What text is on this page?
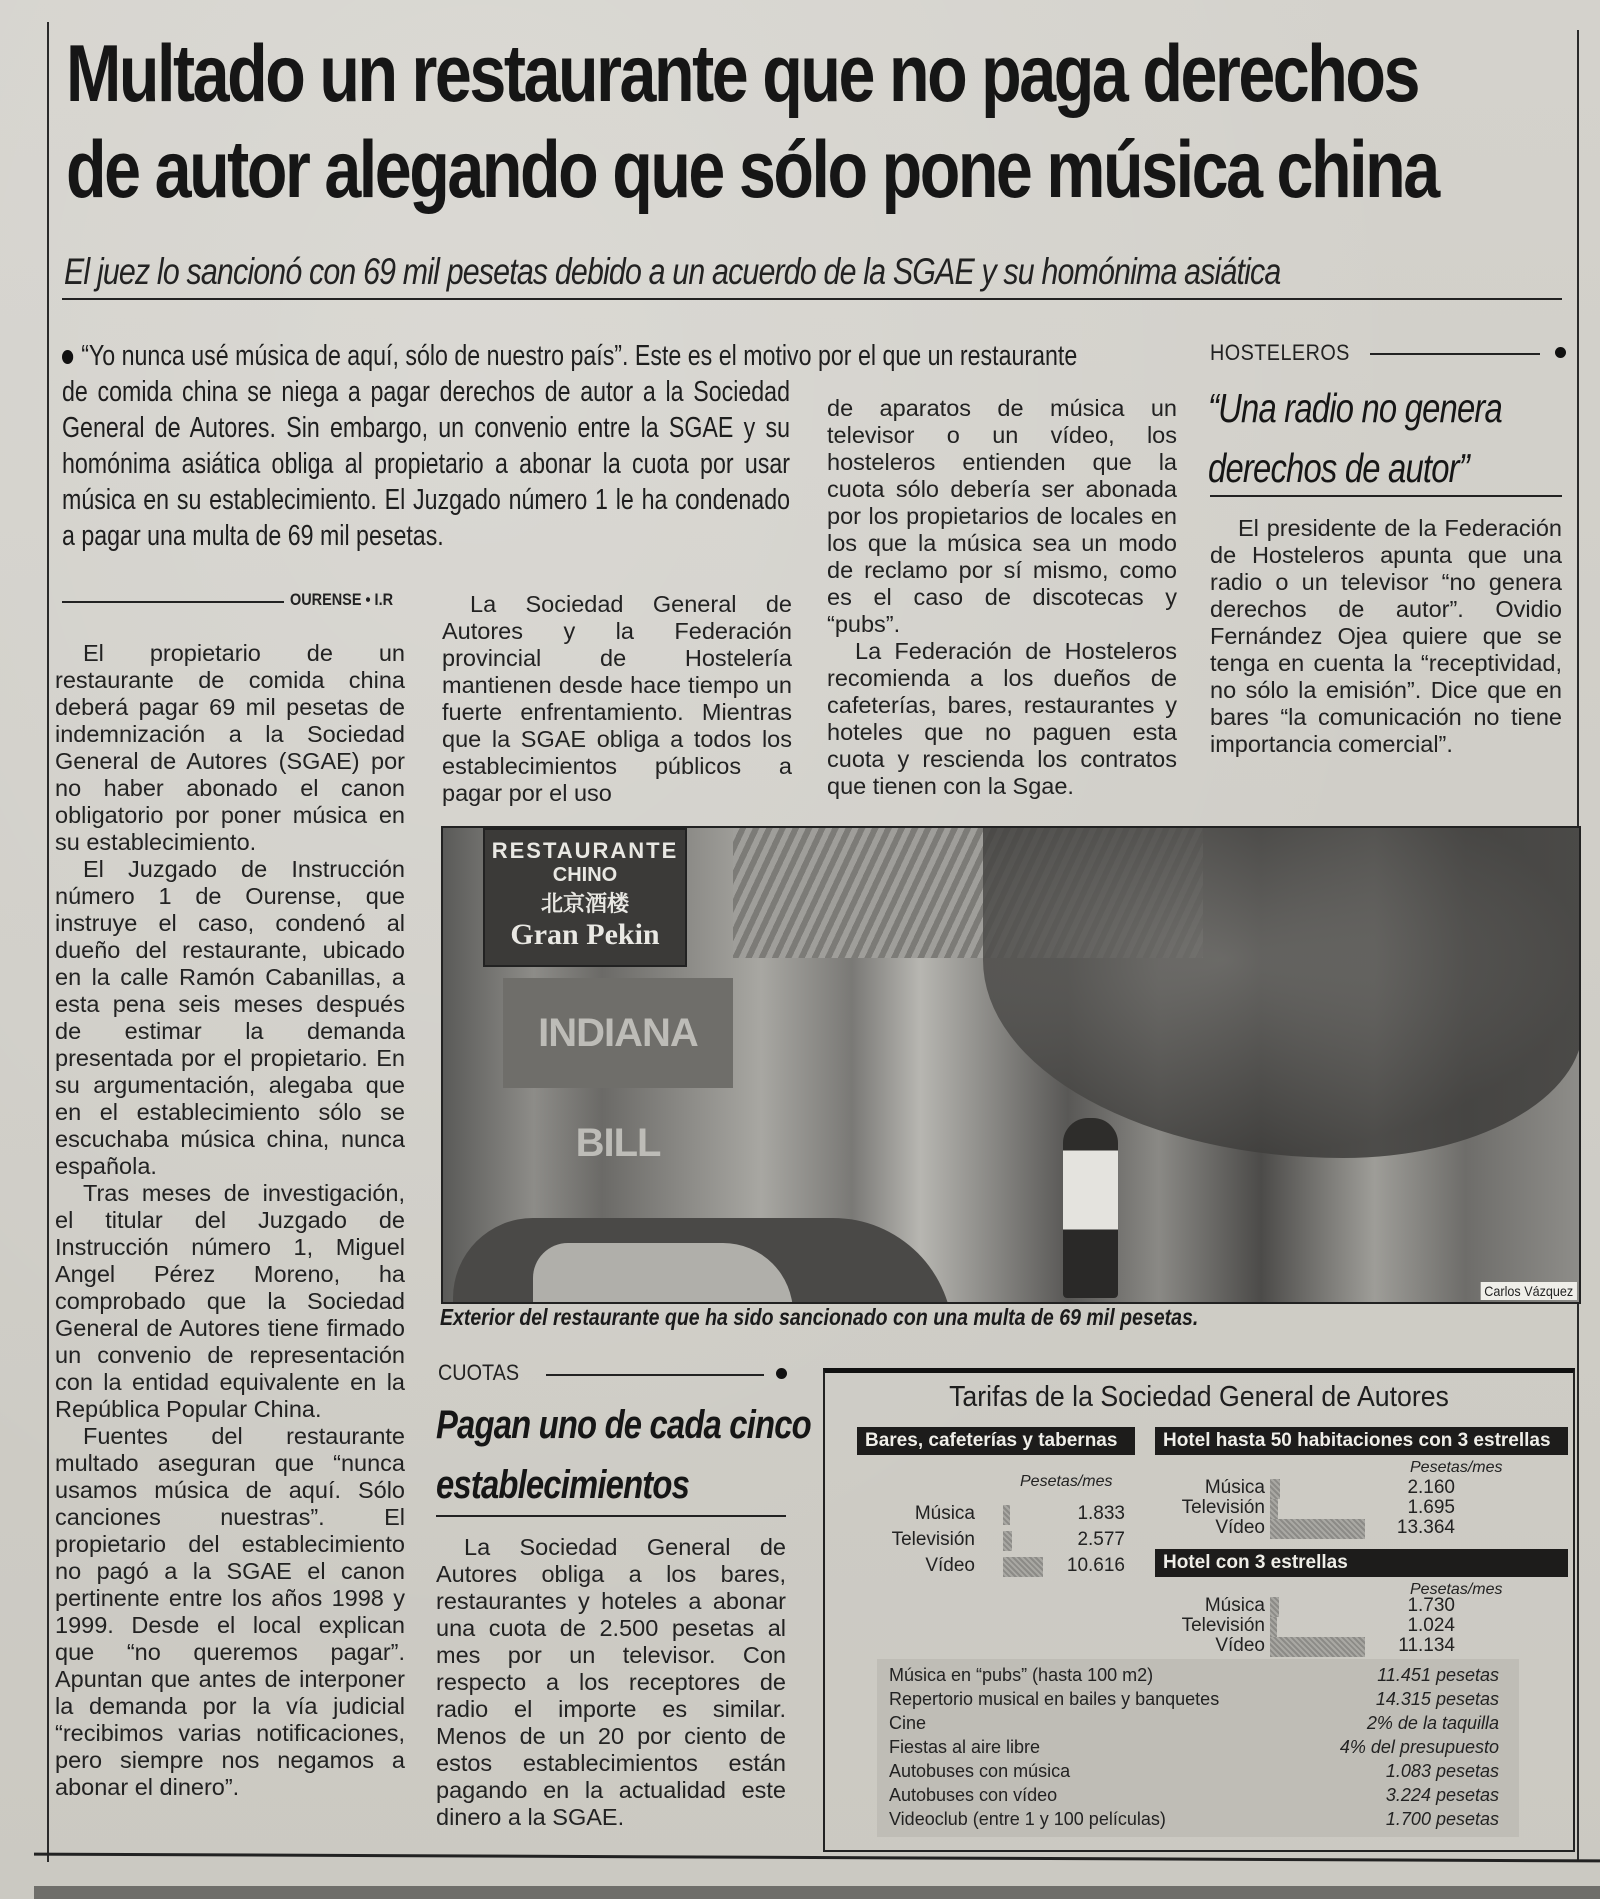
Multado un restaurante que no paga derechos
de autor alegando que sólo pone música china
El juez lo sancionó con 69 mil pesetas debido a un acuerdo de la SGAE y su homónima asiática
“Yo nunca usé música de aquí, sólo de nuestro país”. Este es el motivo por el que un restaurante
de comida china se niega a pagar derechos de autor a la Sociedad General de Autores. Sin embargo, un convenio entre la SGAE y su homónima asiática obliga al propietario a abonar la cuota por usar música en su establecimiento. El Juzgado número 1 le ha condenado a pagar una multa de 69 mil pesetas.
OURENSE • I.R

El propietario de un restaurante de comida china deberá pagar 69 mil pesetas de indemnización a la Sociedad General de Autores (SGAE) por no haber abonado el canon obligatorio por poner música en su establecimiento.

El Juzgado de Instrucción número 1 de Ourense, que instruye el caso, condenó al dueño del restaurante, ubicado en la calle Ramón Cabanillas, a esta pena seis meses después de estimar la demanda presentada por el propietario. En su argumentación, alegaba que en el establecimiento sólo se escuchaba música china, nunca española.

Tras meses de investigación, el titular del Juzgado de Instrucción número 1, Miguel Angel Pérez Moreno, ha comprobado que la Sociedad General de Autores tiene firmado un convenio de representación con la entidad equivalente en la República Popular China.

Fuentes del restaurante multado aseguran que “nunca usamos música de aquí. Sólo canciones nuestras”. El propietario del establecimiento no pagó a la SGAE el canon pertinente entre los años 1998 y 1999. Desde el local explican que “no queremos pagar”. Apuntan que antes de interponer la demanda por la vía judicial “recibimos varias notificaciones, pero siempre nos negamos a abonar el dinero”.

La Sociedad General de Autores y la Federación provincial de Hostelería mantienen desde hace tiempo un fuerte enfrentamiento. Mientras que la SGAE obliga a todos los establecimientos públicos a pagar por el uso

de aparatos de música un televisor o un vídeo, los hosteleros entienden que la cuota sólo debería ser abonada por los propietarios de locales en los que la música sea un modo de reclamo por sí mismo, como es el caso de discotecas y “pubs”.

La Federación de Hosteleros recomienda a los dueños de cafeterías, bares, restaurantes y hoteles que no paguen esta cuota y rescienda los contratos que tienen con la Sgae.

HOSTELEROS
“Una radio no genera derechos de autor”

El presidente de la Federación de Hosteleros apunta que una radio o un televisor “no genera derechos de autor”. Ovidio Fernández Ojea quiere que se tenga en cuenta la “receptividad, no sólo la emisión”. Dice que en bares “la comunicación no tiene importancia comercial”.

INDIANA BILL
RESTAURANTE
CHINO
北京酒楼
Gran Pekin
Carlos Vázquez
Exterior del restaurante que ha sido sancionado con una multa de 69 mil pesetas.
CUOTAS
Pagan uno de cada cinco establecimientos

La Sociedad General de Autores obliga a los bares, restaurantes y hoteles a abonar una cuota de 2.500 pesetas al mes por un televisor. Con respecto a los receptores de radio el importe es similar. Menos de un 20 por ciento de estos establecimientos están pagando en la actualidad este dinero a la SGAE.

Tarifas de la Sociedad General de Autores
Bares, cafeterías y tabernas
Pesetas/mes
Música	1.833
Televisión	2.577
Vídeo	10.616
Hotel hasta 50 habitaciones con 3 estrellas
Pesetas/mes
Música	2.160
Televisión	1.695
Vídeo	13.364
Hotel con 3 estrellas
Pesetas/mes
Música	1.730
Televisión	1.024
Vídeo	11.134
Música en “pubs” (hasta 100 m2)	11.451 pesetas
Repertorio musical en bailes y banquetes	14.315 pesetas
Cine	2% de la taquilla
Fiestas al aire libre	4% del presupuesto
Autobuses con música	1.083 pesetas
Autobuses con vídeo	3.224 pesetas
Videoclub (entre 1 y 100 películas)	1.700 pesetas
